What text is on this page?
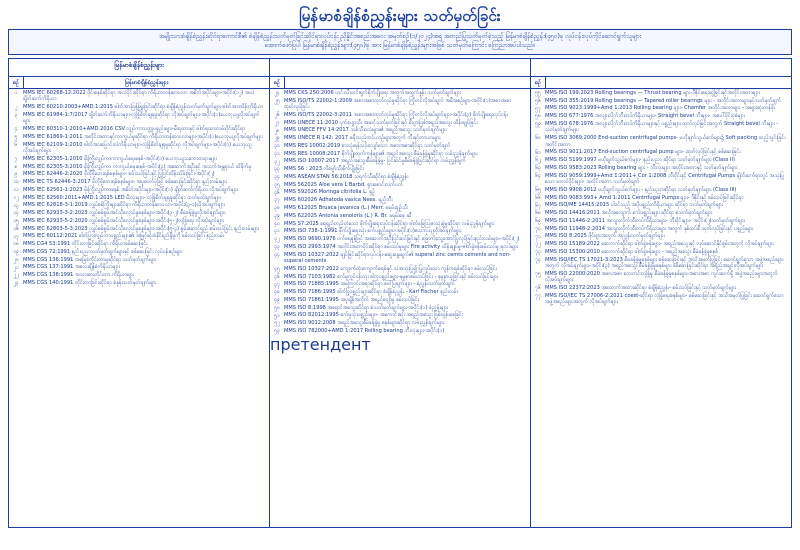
မြန်မာစံချိန်စံညွှန်းများ သတ်မှတ်ခြင်း
အမျိုးသားစံချိန်စံညွှန်းဆိုင်ရာကောင်စီ၏ စံချိန်စံညွှန်းသတ်မှတ်ခြင်းဆိုင်ရာလုပ်ငန်း ညှိနှိုင်းအစည်းအဝေး အမှတ်စဉ်(၁/၂၀၂၄)အရ အတည်ပြုသတ်မှတ်ခဲ့သည့် မြန်မာစံချိန်စံညွှန်း(၄၅၀)ခု လုပ်ငန်းလုပ်ကိုင်ဆောင်ရွက်သူများ
အောက်ဖော်ပြပါ မြန်မာစံချိန်စံညွှန်းများ(၄၅၀)ခု အား မြန်မာစံချိန်စံညွှန်းများအဖြစ် သတ်မှတ်ကြောင်း ကြေညာအပ်ပါသည်။
မြန်မာစံချိန်စံညွှန်းများ
စဉ်	မြန်မာစံချိန်စံညွှန်းများ
၁	MMS IEC 60268-12:2022 ဖိုင်းစနစ်ဆိုင်ရာ အသံပိုင်းဆိုင်ရာ ကိရိယာတန်ဆာပလာ အစိတ်အပိုင်းများ-အပိုင်း(၁၂) အသံချိတ်ဆက်ကိရိယာ
၂	MMS IEC 60210:2003+AMD.1:2015 ဓါတ်အားဖြန့်ဖြူးခြင်းဆိုင်ရာ စံချိန်စံညွှန်းသတ်မှတ်ချက်များ-ဓါတ်အားထိန်းကိရိယာ
၃	MMS IEC 61984-1:7/2017 ချိတ်ဆက်ကိရိယာများ-လုံခြုံစိတ်ချရမှုဆိုင်ရာ လိုအပ်ချက်များ-အပိုင်း(၁)ယေဘုယျလိုအပ်ချက်များ
၄	MMS IEC 60310-1:2010+AMD.2016 CSV လျှပ်ကာသတ္တုပစ္စည်းများ-မီးရထားနှင့် ဓါတ်ရထားလမ်းပိုင်းဆိုင်ရာ
၅	MMS IEC 61869-1:2011 အတိုင်းအတာနှင့်ကာကွယ်မှုဆိုင်ရာ ကိရိယာတန်ဆာပလာများ-အပိုင်း(၁)ယေဘုယျလိုအပ်ချက်များ
၆	MMS IEC 62109-1:2010 ဓါတ်အားပြောင်းလဲကိရိယာများ-လုံခြုံစိတ်ချရမှုဆိုင်ရာ လိုအပ်ချက်များ-အပိုင်း(၁) ယေဘုယျလိုအပ်ချက်များ
၇	MMS IEC 62305-1:2010 မိုးကြိုးလျှပ်ကာကာကွယ်ရေးစနစ်-အပိုင်း(၁) ယေဘုယျသဘောတရားများ
၈	MMS IEC 62305-3:2010 မိုးကြိုးလျှပ်ကာ ကာကွယ်ရေးစနစ်-အပိုင်း(၃) အဆောက်အဦးနှင့် အသက်အန္တရာယ် ထိခိုက်မှု
၉	MMS IEC 62446-2:2020 ဖိုတိုဗို့တေးရစ်စနစ်များ- စမ်းသပ်ခြင်းနှင့် ပြုပြင်ထိန်းသိမ်းခြင်း-အပိုင်း(၂)
၁၀ MMS IEC TS 62446-3:2017 ဖိုတိုဗို့တေးရစ်စနစ်များ- အပူဓာတ်ပုံဖြင့် စစ်ဆေးခြင်းဆိုင်ရာ နည်းလမ်းများ
၁၁ MMS IEC 62561-1:2023 မိုးကြိုးလျှပ်ကာစနစ် အစိတ်အပိုင်းများ-အပိုင်း(၁) ချိတ်ဆက်ကိရိယာ လိုအပ်ချက်များ
၁၂ MMS IEC 62560:2011+AMD.1:2015 LED မီးလုံးများ- လုံခြုံစိတ်ချရမှုဆိုင်ရာ သတ်မှတ်ချက်များ
၁၃ MMS IEC 62818-3-1:2019 လျှပ်စစ်ကြိုးများဆိုင်ရာ ကိရိယာတန်ဆာပလာ-အပိုင်း(၃-၁)လိုအပ်ချက်များ
၁၄ MMS IEC 62933-3-2:2023 လျှပ်စစ်စွမ်းအင်သိုလှောင်မှုစနစ်များ-အပိုင်း(၃-၂) စီမံခန့်ခွဲမှုလိုအပ်ချက်များ
၁၅ MMS IEC 62933-5-2:2020 လျှပ်စစ်စွမ်းအင်သိုလှောင်မှုစနစ်များ-အပိုင်း(၅-၂)လုံခြုံရေး လိုအပ်ချက်များ
၁၆ MMS IEC 62803-5-3:2023 လျှပ်စစ်စွမ်းအင်သိုလှောင်မှုစနစ်များ-အပိုင်း(၅-၃) စွမ်းဆောင်ရည် စမ်းသပ်ခြင်း နည်းလမ်းများ
၁၇ MMS IEC 60112:2021 ဓါတ်ပြားလျှပ်ကာပစ္စည်းများ၏ အမြင့်ဆုံးခံနိုင်ရည်ရှိမှုကို စမ်းသပ်ခြင်း နည်းလမ်း
၁၈ MMS CG4 53:1991 တိုင်းတာခြင်းဆိုင်ရာ ကိရိယာစစ်ဆေးခြင်း
၁၉ MMS CGS 72:1991 နည်းပညာသတ်မှတ်ချက်များနှင့် စစ်ဆေးခြင်း လုပ်ငန်းစဉ်များ
၂၀ MMS CGS 136:1991 အခြေခံတိုင်းတာမှုဆိုင်ရာ သတ်မှတ်ချက်များ
၂၁ MMS CGS 137:1991 အလေးချိန်စံကိရိယာများ
၂၂ MMS CGS 138:1991 အသားစားတိုင်းတာ ကိရိယာများ
၂၃ MMS CGS 140:1991 တိုင်းတာခြင်းဆိုင်ရာ စံနှုန်းသတ်မှတ်ချက်များ
စဉ်
၂၄ MMS CKS 250:2006 ဟင်းသီးဟင်းရွက်စိုက်ပျိုးရေး အတွက်အထွက်နှုန်း သတ်မှတ်ချက်များ
၂၅ MMS ISO/TS 22002-1:2009 အစားအစာထုတ်လုပ်မှုဆိုင်ရာ ကြိုတင်လိုအပ်ချက် အစီအစဉ်များ-အပိုင်း(၁)အစားအစာထုတ်လုပ်ခြင်း
၂၆ MMS ISO/TS 22002-3:2011 အစားအစာထုတ်လုပ်မှုဆိုင်ရာ ကြိုတင်လိုအပ်ချက်များ-အပိုင်း(၃) စိုက်ပျိုးရေးလုပ်ငန်း
၂၇ MMS UNECE 11:2010 ငှက်ပျောသီး အဆင့်သတ်မှတ်ခြင်းနှင့် စီးပွားဖြစ်အရည်အသွေး ထိန်းချုပ်ခြင်း
၂၈ MMS UNECE FFV 14:2017 သစ်သီးဝလံများ၏ အရည်အသွေး သတ်မှတ်ချက်များ
၂၉ MMS UNECE R 142: 2017 ခရီးသည်တင်ယာဉ်များအတွက် ဘီးနှင့်တာယာများ
၃၀ MMS RES 10002:2019 စားသုံးရန်သင့်လျော်သော အစားအစာဆိုင်ရာ သတ်မှတ်ချက်
၃၁ MMS RES 10008:2017 စိုက်ပျိုးထုတ်ကုန်များ၏ အရည်အသွေး စီမံခန့်ခွဲမှုဆိုင်ရာ လမ်းညွှန်ချက်များ
၃၂ MMS ISO 10007:2017 အရည်အသွေးစီမံခန့်ခွဲမှု- ပြင်ဆင်မှုစီမံခန့်ခွဲခြင်းဆိုင်ရာ လမ်းညွှန်ချက်
၃၃ MMS S6 : 2023 လိမ္မော်သီးစိုက်ပျိုးခြင်း
၃၄ MMS ASEAN STAN 56:2018 သရက်သီးဆိုင်ရာ စံချိန်စံညွှန်း
၃၅ MMS 562025 Aloe vera L Barbd. ရှားစောင်းလက်ပတ်
၃၆ MMS 592026 Moringa citrifolia L. ရှဉ့်
၃၇ MMS 602026 Adhatoda vasica Nees. မှည့်ဘီး
၃၈ MMS 612025 Bruaca javanica (L.) Merr. ခရမ်းချဉ်သီး
၃၉ MMS 622025 Antonia senoloris (L.) R. Br. ခရမ်းစေ့ ဆီ
၄၀ MMS S7:2025 ရေရှည်တည်တံ့သော စိုက်ပျိုးရေးလုပ်ငန်းဆိုင်ရာ ဓါတ်မြေသြဇာသုံးစွဲမှုဆိုင်ရာ လမ်းညွှန်ချက်များ
၄၁ MMS ISO 738-1:1991 စိုက်ပျိုးရေးသုံး စက်ပစ္စည်းများ-အပိုင်း(၁)ယေဘုယျလိုအပ်ချက်များ
၄၂ MMS ISO 9690:1976 ဝက်ရေမှုန့်ဖြင့် အဆောက်အဦးပြင်ဆင်ခြင်းနှင့် ခြောက်သွေ့အောင်ပြုလုပ်ခြင်းနည်းလမ်းများ-အပိုင်း(၂)
၄၃ MMS ISO 2993:1974 အတိုင်းအတာပိုင်းဆိုင်ရာ စမ်းသပ်မှုများ Fire activity ထိန်းချုပ်မှု-ဓါတ်ခွဲခန်းစမ်းသပ်မှု ရလဒ်များ
၄၄ MMS ISO 10327:2022 ချုပ်ခြင်းဆိုင်ရာလုပ်ငန်း-ဆွေးနွေးချက်၏ superal zinc cemts cements and non-superal cements
၄၅ MMS ISO 10327:2022 ကျောက်တုံးကျောက်စရစ်နှင့် သဲအသုံးပြု၍ ပြုလုပ်သော ကွန်ကရစ်ဆိုင်ရာ စမ်းသပ်ခြင်း
၄၆ MMS ISO 7103:1982 စက်မှုလုပ်ငန်းသုံး ဓါတုပစ္စည်းများ-နမူနာစမ်းသပ်ခြင်း - နမူနာယူခြင်းနှင့် စမ်းသပ်ခြင်းများ
၄၇ MMS ISO 71885:1995 အကြောင်းအရာဆိုင်ရာ ဖေါ်ပြချက်များ - စံညွှန်းသတ်မှတ်ချက်
၄၈ MMS ISO 7186:1995 ဓါတ်ပြုပစ္စည်းများဆိုင်ရာ စံချိန်စံညွှန်း - Karl Fischer နည်းလမ်း
၄၉ MMS ISO 71861:1995 အပူချိန်အလိုက် အရည်ပျော်မှု စမ်းသပ်ခြင်း
၅၀ MMS ISO 8:1998 အရောင်အသွေးဆိုင်ရာ စံသတ်မှတ်ချက်များ-အပိုင်း(၁) စံညွှန်းများ
၅၁ MMS ISO 82012:1995 စက်မှုသုံးပစ္စည်းများ- အကောင်းဆုံး အရည်အသွေး ဖြစ်ထွန်းစေခြင်း
၅၂ MMS ISO 9012:2008 အရည်အသွေးစီမံခန့်ခွဲမှု စနစ်များဆိုင်ရာ လမ်းညွှန်ချက်များ
၅၃ MMS ISO 782000+AMD 1:2017 Rolling bearing ဘီးလုံးများ-အပိုင်း(၁)
претендент
စဉ်
၅၅ MMS ISO 199:2023 Rolling bearings — Thrust bearing များ-ဒီဇိုင်းရေးဆွဲခြင်းနှင့်အတိုင်းအတာများ
၅၆ MMS ISO 355:2019 Rolling bearings — Tapered roller bearings များ - အတိုင်းအတာများနှင့်သတ်မှတ်ချက်
၅၇ MMS ISO 9023:1999+Amd 1:2013 Rolling bearing များ- Chamfer အတိုင်းအတာများ - အများဆုံးတန်ဖိုး
၅၈ MMS ISO 677:1976 အလျားလိုက်ဘီးတပ်ကိရိယာများ- Straight bevel ဘီးများ- အပေါ်ပိုင်းပုံစံများ
၅၉ MMS ISO 678:1976 အလျားလိုက်ဘီးတပ်ကိရိယာများနှင့် ပစ္စည်းများ ထုတ်လုပ်ခြင်းအတွက် Straight bevel ဘီးများ - သတ်မှတ်ချက်များ
၆၀ MMS ISO 3069:2000 End-suction centrifugal pumps- ဗဟိုချက်သွယ်စက်များ၌ Soft packing ထည့်သွင်းခြင်း အတိုင်းအတာ
၆၁ MMS ISO 9011:2017 End-suction centrifugal pump များ- ထုတ်လုပ်ခြင်းနှင့် စစ်ဆေးခြင်း
၆၂ MMS ISO 5199:1997 ဗဟိုချက်သွယ်စက်များ- နည်းပညာ ဆိုင်ရာ သတ်မှတ်ချက်များ (Class II)
၆၃ MMS ISO 9583:2023 Rolling bearing များ - ဘီးလုံးများ အတိုင်းအတာနှင့် သတ်မှတ်ချက်များ
၆၄ MMS ISO 9059:1999+Amd 1:2011+ Cor 1:2008 ဘီးဝိုင်းနှင့် Centrifugal Pumps ချိတ်ဆက်ရာတွင် အသုံးပြုသော ဘောင်ပိုင်းများ- အတိုင်းအတာ သတ်မှတ်ချက်
၆၅ MMS ISO 9908:2012 ဗဟိုချက်သွယ်စက်များ - နည်းပညာဆိုင်ရာ သတ်မှတ်ချက်များ (Class III)
၆၆ MMS ISO 9083:993+ Amd 1:2011 Centrifugal Pumps များ- ဒီဇိုင်းနှင့် စမ်းသပ်ခြင်းဆိုင်ရာ
၆၇ MMS ISO/ME 14415:2015 ပါဝင်သည့် အပိုပစ္စည်းကိရိယာများ ဆိုင်ရာ သတ်မှတ်ချက်များ
၆၈ MMS ISO 14416:2011 အလိုအလျောက် စက်ပစ္စည်းများ ဆိုင်ရာ စံသတ်မှတ်ချက်များ
၆၉ MMS ISO 11446-2:2011 အလျားလိုက်ဘီးတပ်ကိရိယာများ- ဘီးဝိုင်းများ- အပိုင်း(၂)သတ်မှတ်ချက်များ
၇၀ MMS ISO 11948-2:2014 အလျားလိုက်ဘီးတပ်ကိရိယာများ အတွက် နှစ်ထပ်စီ ထုတ်လုပ်ခြင်းနှင့် ပစ္စည်းများ
၇၁ MMS ISO 8:2025 ဖိုင်များအတွက် အညွှန်းသတ်မှတ်ချက်များ
၇၂ MMS ISO 15189:2022 ဆေးဘက်ဆိုင်ရာ ဓါတ်ခွဲခန်းများ- အရည်အသွေးနှင့် လုပ်ဆောင်နိုင်စွမ်းအတွက် လိုအပ်ချက်များ
၇၃ MMS ISO 15300:2010 ဆေးဘက်ဆိုင်ရာ ဓါတ်ခွဲခန်းများ - အရည်အသွေး စီမံခန့်ခွဲမှုစနစ်
၇၄ MMS ISO/IEC TS 17021-3:2023 စီမံခန့်ခွဲမှုစနစ်များ စစ်ဆေးခြင်းနှင့် အသိအမှတ်ပြုခြင်း ဆောင်ရွက်သော အဖွဲ့အစည်းများအတွက် လိုအပ်ချက်များ-အပိုင်း(၃) အရည်အသွေး စီမံခန့်ခွဲမှုစနစ်များ စစ်ဆေးခြင်းဆိုင်ရာ အရည်အချင်းလိုအပ်ချက်များ
၇၅ MMS ISO 22000:2020 အစားအစာ ဘေးကင်းလုံခြုံမှု စီမံခန့်ခွဲမှုစနစ်များ-အစားအစာ ကွင်းဆက်ရှိ အဖွဲ့အစည်းများအတွက် လိုအပ်ချက်များ
၇၆ MMS ISO 22372:2023 အထောက်အထားဆိုင်ရာ စံချိန်စံညွှန်း- စမ်းသပ်ခြင်းနှင့် သတ်မှတ်ချက်များ
၇၇ MMS ISO/IEC TS 27006-2:2021 coest-ဆိုင်ရာ လုံခြုံရေးစနစ်များ- စစ်ဆေးခြင်းနှင့် အသိအမှတ်ပြုခြင်း ဆောင်ရွက်သောအဖွဲ့အစည်းများအတွက် လိုအပ်ချက်များ
